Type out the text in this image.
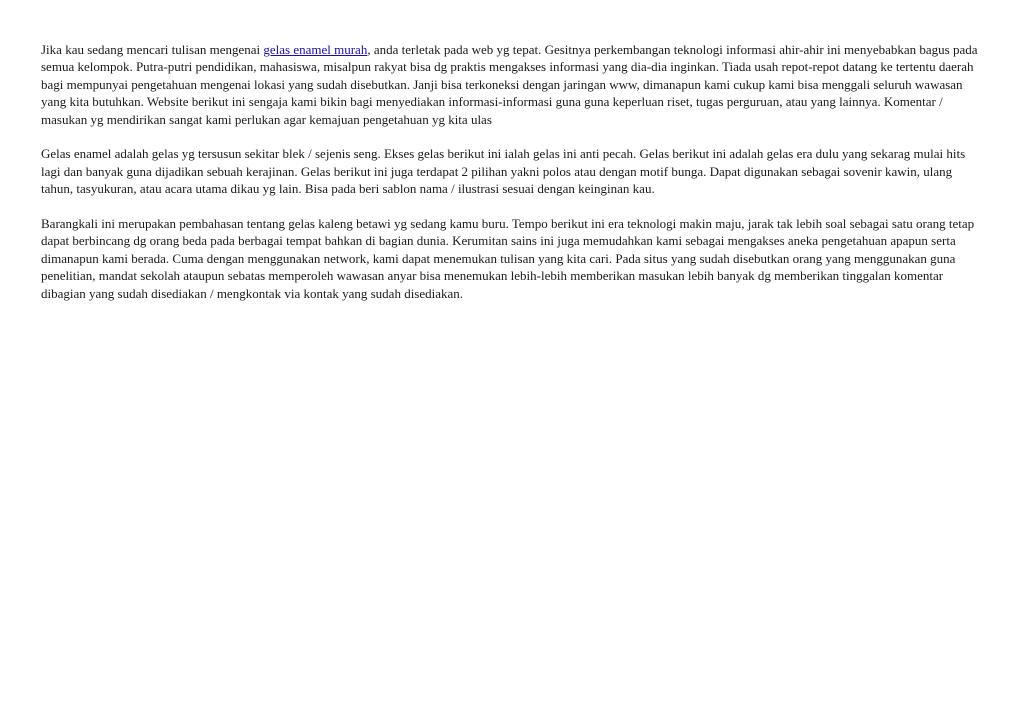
Jika kau sedang mencari tulisan mengenai gelas enamel murah, anda terletak pada web yg tepat. Gesitnya perkembangan teknologi informasi ahir-ahir ini menyebabkan bagus pada semua kelompok. Putra-putri pendidikan, mahasiswa, misalpun rakyat bisa dg praktis mengakses informasi yang dia-dia inginkan. Tiada usah repot-repot datang ke tertentu daerah bagi mempunyai pengetahuan mengenai lokasi yang sudah disebutkan. Janji bisa terkoneksi dengan jaringan www, dimanapun kami cukup kami bisa menggali seluruh wawasan yang kita butuhkan. Website berikut ini sengaja kami bikin bagi menyediakan informasi-informasi guna guna keperluan riset, tugas perguruan, atau yang lainnya. Komentar / masukan yg mendirikan sangat kami perlukan agar kemajuan pengetahuan yg kita ulas

Gelas enamel adalah gelas yg tersusun sekitar blek / sejenis seng. Ekses gelas berikut ini ialah gelas ini anti pecah. Gelas berikut ini adalah gelas era dulu yang sekarag mulai hits lagi dan banyak guna dijadikan sebuah kerajinan. Gelas berikut ini juga terdapat 2 pilihan yakni polos atau dengan motif bunga. Dapat digunakan sebagai sovenir kawin, ulang tahun, tasyukuran, atau acara utama dikau yg lain. Bisa pada beri sablon nama / ilustrasi sesuai dengan keinginan kau.

Barangkali ini merupakan pembahasan tentang gelas kaleng betawi yg sedang kamu buru. Tempo berikut ini era teknologi makin maju, jarak tak lebih soal sebagai satu orang tetap dapat berbincang dg orang beda pada berbagai tempat bahkan di bagian dunia. Kerumitan sains ini juga memudahkan kami sebagai mengakses aneka pengetahuan apapun serta dimanapun kami berada. Cuma dengan menggunakan network, kami dapat menemukan tulisan yang kita cari. Pada situs yang sudah disebutkan orang yang menggunakan guna penelitian, mandat sekolah ataupun sebatas memperoleh wawasan anyar bisa menemukan lebih-lebih memberikan masukan lebih banyak dg memberikan tinggalan komentar dibagian yang sudah disediakan / mengkontak via kontak yang sudah disediakan.
